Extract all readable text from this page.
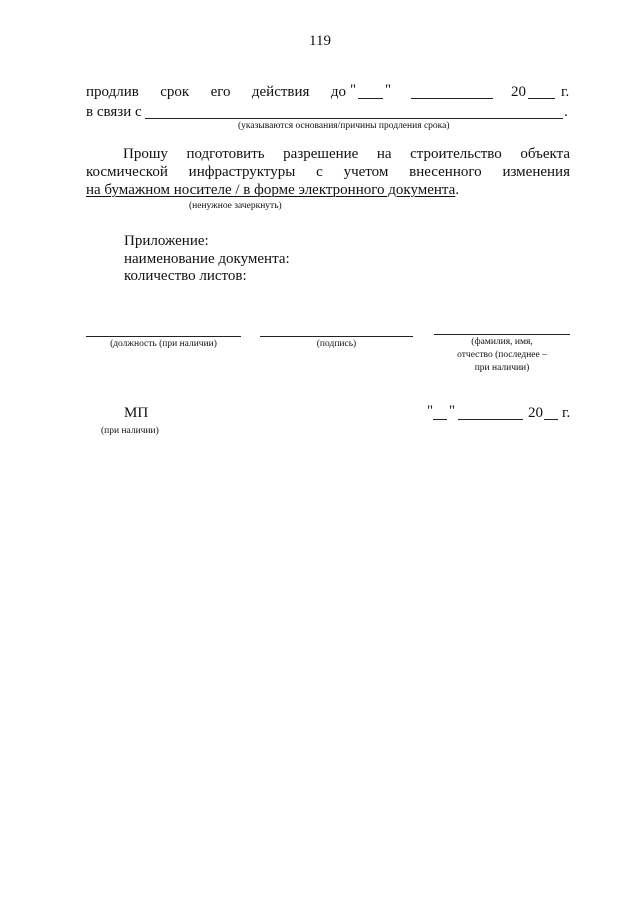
119
продлив срок его действия до " "	20 г.
в связи с	.
(указываются основания/причины продления срока)
Прошу подготовить разрешение на строительство объекта
космической инфраструктуры с учетом внесенного изменения
на бумажном носителе / в форме электронного документа.
(ненужное зачеркнуть)
Приложение:
наименование документа:
количество листов:
(должность (при наличии)	(подпись)	(фамилия, имя,
отчество (последнее –
при наличии)
МП
(при наличии)
" "	20 г.
